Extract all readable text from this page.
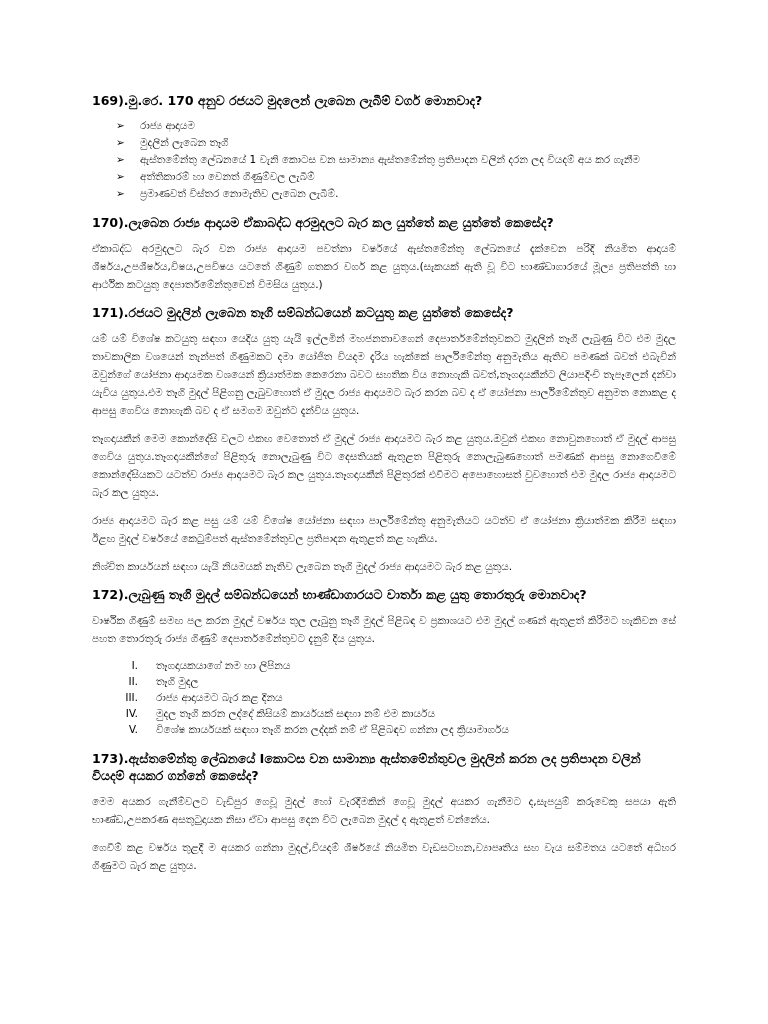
169).මු.රෙ. 170 අනුව රජයට මුදලෙන් ලැබෙන ලැබීම් වර්ග මොනවාද?

➢ රාජ්‍ය ආදායම
➢ මුදලින් ලැබෙන තෑගි
➢ ඇස්තමේන්තු ලේඛනයේ 1 වැනි කොටස වන සාමාන්‍ය ඇස්තමේන්තු ප්‍රතිපාදන වලින් දරන ලද වියදම් අය කර ගැනීම
➢ අත්තිකාරම් හා වෙනත් ගිණුම්වල ලැබීම්
➢ ප්‍රමාණවත් විස්තර නොමැතිව ලැබෙන ලැබීම්.

170).ලැබෙන රාජ්‍ය ආදායම ඒකාබද්ධ අරමුදලට බැර කල යුත්තේ කළ යුත්තේ කෙසේද?

ඒකාබද්ධ අරමුදලට බැර වන රාජ්‍ය ආදායම පවත්නා වර්ෂයේ ඇස්තමේන්තු ලේඛනයේ දැක්වෙන පරිදි නියමිත ආදායම් ශීර්ෂය,උපශීර්ෂය,විෂය,උපවිෂය යටතේ ගිණුම් ගතකර වර්ග කළ යුතුය.(සැකයක් ඇති වූ විට භාණ්ඩාගාරයේ මූල්‍ය ප්‍රතිපත්ති හා ආර්ථික කටයුතු දෙපාර්තමේන්තුවෙන් විමසිය යුතුය.)

171).රජයට මුදලින් ලැබෙන තෑගි සම්බන්ධයෙන් කටයුතු කළ යුත්තේ කෙසේද?

යම් යම් විශේෂ කටයුතු සඳහා යෙදිය යුතු යැයි ඉල්ලමින් මහජනතාවගෙන් දෙපාර්තමේන්තුවකට මුදලින් තෑගි ලැබුණු විට එම මුදල තාවකාලික වශයෙන් තැන්පත් ගිණුමකට දමා යෝජිත වියදම දැරිය හැක්කේ පාර්ලිමේන්තු අනුමැතිය ඇතිව පමණක් බවත් එබැවින් ඔවුන්ගේ යෝජනා ආදායමක වශයෙන් ක්‍රියාත්මක කෙරෙනා බවට සහතික විය නොහැකි බවත්,තෑගදායකීන්ට ලියාපදිංචි තැපෑලෙන් දන්වා යැවිය යුතුය.එම තෑගි මුදල් පිළිගනු ලැබුවහොත් ඒ මුදල රාජ්‍ය ආදායමට බැර කරන බව ද ඒ යෝජනා පාර්ලිමේන්තුව අනුමත නොකළ ද ආපසු ගෙවිය නොහැකි බව ද ඒ සමගම ඔවුන්ට දැන්විය යුතුය.

තෑගදායකීන් මෙම කොන්දේසි වලට එකඟ වෙතොත් ඒ මුදල් රාජ්‍ය ආදායමට බැර කළ යුතුය.ඔවුන් එකඟ නොවුනහොත් ඒ මුදල් ආපසු ගෙවිය යුතුය.තෑගදායකීන්ගේ පිළිතුරු නොලැබුණු විට දෙසතියක් ඇතුළත පිළිතුරු නොලැබුණහොත් පමණක් ආපසු නොගෙවීමේ කොන්දේසියකට යටත්ව රාජ්‍ය ආදායමට බැර කල යුතුය.තෑගදායකීන් පිළිතුරක් එවීමට අපොහොසත් වුවහොත් එම මුදල රාජ්‍ය ආදායමට බැර කල යුතුය.

රාජ්‍ය ආදායමට බැර කළ පසු යම් යම් විශේෂ යෝජනා සඳහා පාර්ලිමේන්තු අනුමැතියට යටත්ව ඒ යෝජනා ක්‍රියාත්මක කිරීම සඳහා ඊළඟ මුදල් වර්ෂයේ කෙටුම්පත් ඇස්තමේන්තුවල ප්‍රතිපාදන ඇතුළත් කළ හැකිය.

නිශ්චිත කාර්යයන් සඳහා යැයි නියමයක් නැතිව ලැබෙන තෑගි මුදල් රාජ්‍ය ආදායමට බැර කළ යුතුය.

172).ලැබුණු තෑගි මුදල් සම්බන්ධයෙන් භාණ්ඩාගාරයට වාර්තා කළ යුතු තොරතුරු මොනවාද?

වාර්ෂික ගිණුම් සමඟ පල කරන මුදල් වර්ෂය තුල ලැබුනු තෑගි මුදල් පිළිබඳ ව ප්‍රකාශයට එම මුදල් ගණන් ඇතුළත් කිරීමට හැකිවන සේ පහත තොරතුරු රාජ්‍ය ගිණුම් දෙපාර්තමේන්තුවට දැනුම් දිය යුතුය.

I. තෑගදායකයාගේ නම හා ලිපිනය
II. තෑගි මුදල
III. රාජ්‍ය ආදායමට බැර කළ දිනය
IV. මුදල තෑගි කරන ලද්දේ කිසියම් කාර්යයක් සඳහා නම් එම කාර්යය
V. විශේෂ කාර්යයක් සඳහා තෑගි කරන ලද්දක් නම් ඒ පිළිබඳව ගන්නා ලද ක්‍රියාමාර්ගය

173).ඇස්තමේන්තු ලේඛනයේ Iකොටස වන සාමාන්‍ය ඇස්තමේන්තුවල මුදලින් කරන ලද ප්‍රතිපාදන වලින් වියදම් අයකර ගන්නේ කෙසේද?

මෙම අයකර ගැනීම්වලට වැඩිපුර ගෙවූ මුදල් හෝ වැරදීමකින් ගෙවූ මුදල් අයකර ගැනීමට ද,සැපයුම් කරුවෙකු සපයා ඇති භාණ්ඩ,උපකරණ අසතුටුදායක නිසා ඒවා ආපසු දෙන විට ලැබෙන මුදල් ද ඇතුළත් වන්නේය.

ගෙවීම් කළ වර්ෂය තුළදී ම අයකර ගන්නා මුදල්,වියදම් ශීර්ෂයේ නියමිත වැඩසටහන,ව්‍යාපෘතිය සහ වැය සම්මතය යටතේ අධිහර ගිණුමට බැර කළ යුතුය.
